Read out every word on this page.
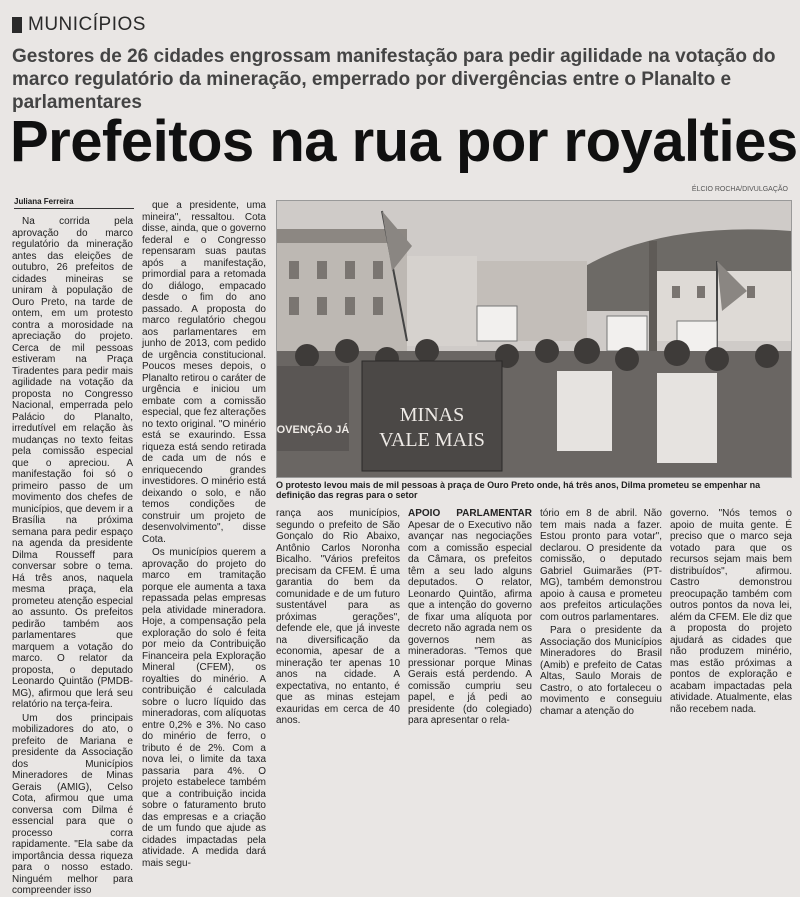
MUNICÍPIOS
Gestores de 26 cidades engrossam manifestação para pedir agilidade na votação do marco regulatório da mineração, emperrado por divergências entre o Planalto e parlamentares
Prefeitos na rua por royalties
ÉLCIO ROCHA/DIVULGAÇÃO
Juliana Ferreira

Na corrida pela aprovação do marco regulatório da mineração antes das eleições de outubro, 26 prefeitos de cidades mineiras se uniram à população de Ouro Preto, na tarde de ontem, em um protesto contra a morosidade na apreciação do projeto. Cerca de mil pessoas estiveram na Praça Tiradentes para pedir mais agilidade na votação da proposta no Congresso Nacional, emperrada pelo Palácio do Planalto, irredutível em relação às mudanças no texto feitas pela comissão especial que o apreciou. A manifestação foi só o primeiro passo de um movimento dos chefes de municípios, que devem ir a Brasília na próxima semana para pedir espaço na agenda da presidente Dilma Rousseff para conversar sobre o tema. Há três anos, naquela mesma praça, ela prometeu atenção especial ao assunto. Os prefeitos pedirão também aos parlamentares que marquem a votação do marco. O relator da proposta, o deputado Leonardo Quintão (PMDB-MG), afirmou que lerá seu relatório na terça-feira.

Um dos principais mobilizadores do ato, o prefeito de Mariana e presidente da Associação dos Municípios Mineradores de Minas Gerais (AMIG), Celso Cota, afirmou que uma conversa com Dilma é essencial para que o processo corra rapidamente. "Ela sabe da importância dessa riqueza para o nosso estado. Ninguém melhor para compreender isso

que a presidente, uma mineira", ressaltou. Cota disse, ainda, que o governo federal e o Congresso repensaram suas pautas após a manifestação, primordial para a retomada do diálogo, empacado desde o fim do ano passado. A proposta do marco regulatório chegou aos parlamentares em junho de 2013, com pedido de urgência constitucional. Poucos meses depois, o Planalto retirou o caráter de urgência e iniciou um embate com a comissão especial, que fez alterações no texto original. "O minério está se exaurindo. Essa riqueza está sendo retirada de cada um de nós e enriquecendo grandes investidores. O minério está deixando o solo, e não temos condições de construir um projeto de desenvolvimento", disse Cota.

Os municípios querem a aprovação do projeto do marco em tramitação porque ele aumenta a taxa repassada pelas empresas pela atividade mineradora. Hoje, a compensação pela exploração do solo é feita por meio da Contribuição Financeira pela Exploração Mineral (CFEM), os royalties do minério. A contribuição é calculada sobre o lucro líquido das mineradoras, com alíquotas entre 0,2% e 3%. No caso do minério de ferro, o tributo é de 2%. Com a nova lei, o limite da taxa passaria para 4%. O projeto estabelece também que a contribuição incida sobre o faturamento bruto das empresas e a criação de um fundo que ajude as cidades impactadas pela atividade. A medida dará mais segu-

MINAS
VALE MAIS
OVENÇÃO JÁ
O protesto levou mais de mil pessoas à praça de Ouro Preto onde, há três anos, Dilma prometeu se empenhar na definição das regras para o setor

rança aos municípios, segundo o prefeito de São Gonçalo do Rio Abaixo, Antônio Carlos Noronha Bicalho. "Vários prefeitos precisam da CFEM. É uma garantia do bem da comunidade e de um futuro sustentável para as próximas gerações", defende ele, que já investe na diversificação da economia, apesar de a mineração ter apenas 10 anos na cidade. A expectativa, no entanto, é que as minas estejam exauridas em cerca de 40 anos.

APOIO PARLAMENTAR Apesar de o Executivo não avançar nas negociações com a comissão especial da Câmara, os prefeitos têm a seu lado alguns deputados. O relator, Leonardo Quintão, afirma que a intenção do governo de fixar uma alíquota por decreto não agrada nem os governos nem as mineradoras. "Temos que pressionar porque Minas Gerais está perdendo. A comissão cumpriu seu papel, e já pedi ao presidente (do colegiado) para apresentar o rela-

tório em 8 de abril. Não tem mais nada a fazer. Estou pronto para votar", declarou. O presidente da comissão, o deputado Gabriel Guimarães (PT-MG), também demonstrou apoio à causa e prometeu aos prefeitos articulações com outros parlamentares.

Para o presidente da Associação dos Municípios Mineradores do Brasil (Amib) e prefeito de Catas Altas, Saulo Morais de Castro, o ato fortaleceu o movimento e conseguiu chamar a atenção do

governo. "Nós temos o apoio de muita gente. É preciso que o marco seja votado para que os recursos sejam mais bem distribuídos", afirmou. Castro demonstrou preocupação também com outros pontos da nova lei, além da CFEM. Ele diz que a proposta do projeto ajudará as cidades que não produzem minério, mas estão próximas a pontos de exploração e acabam impactadas pela atividade. Atualmente, elas não recebem nada.
